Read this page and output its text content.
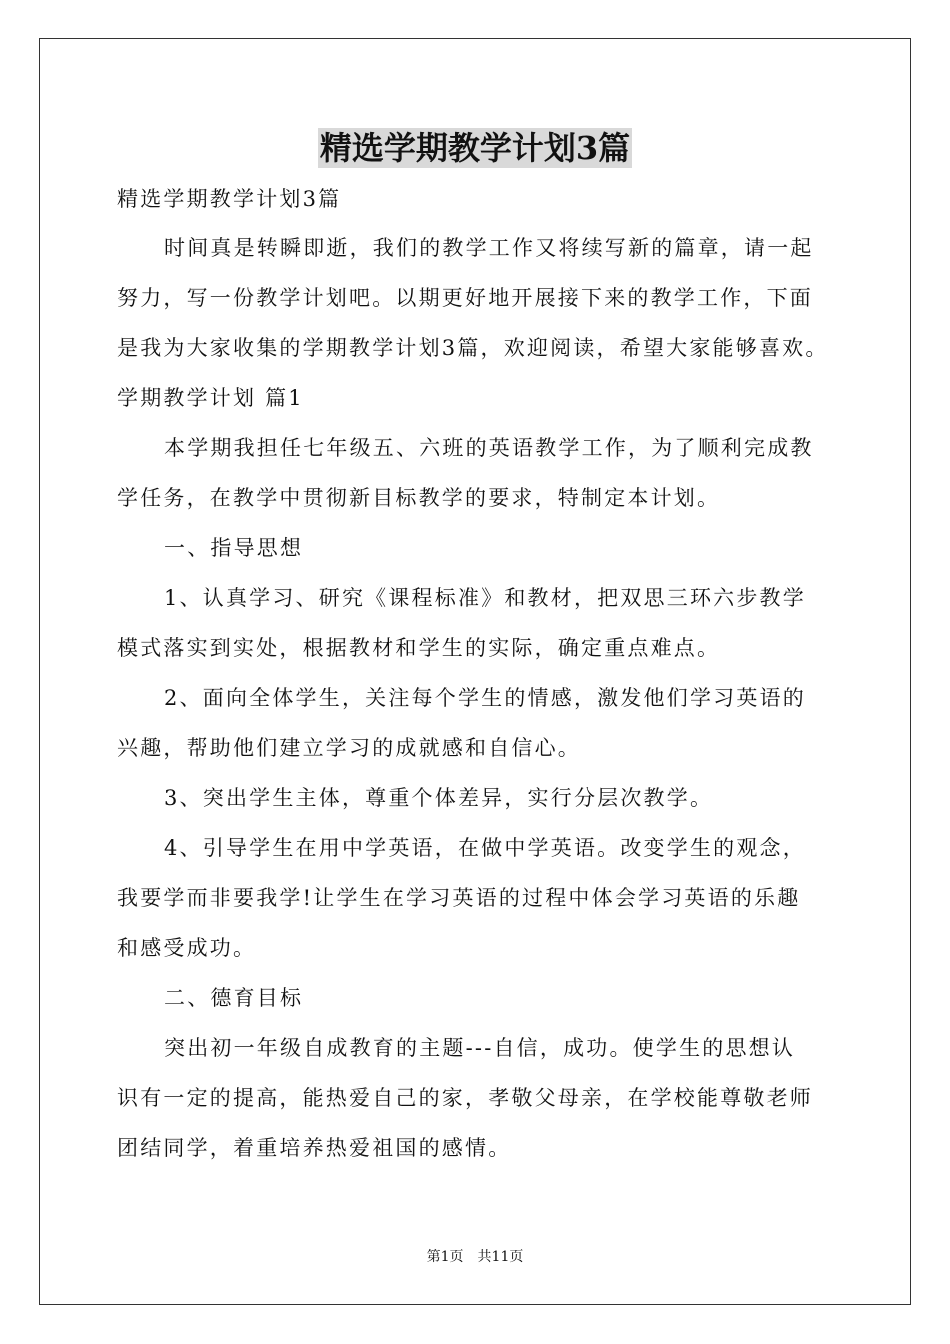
精选学期教学计划3篇
精选学期教学计划3篇
时间真是转瞬即逝，我们的教学工作又将续写新的篇章，请一起
努力，写一份教学计划吧。以期更好地开展接下来的教学工作，下面
是我为大家收集的学期教学计划3篇，欢迎阅读，希望大家能够喜欢。
学期教学计划 篇1
本学期我担任七年级五、六班的英语教学工作，为了顺利完成教
学任务，在教学中贯彻新目标教学的要求，特制定本计划。
一、指导思想
1、认真学习、研究《课程标准》和教材，把双思三环六步教学
模式落实到实处，根据教材和学生的实际，确定重点难点。
2、面向全体学生，关注每个学生的情感，激发他们学习英语的
兴趣，帮助他们建立学习的成就感和自信心。
3、突出学生主体，尊重个体差异，实行分层次教学。
4、引导学生在用中学英语，在做中学英语。改变学生的观念，
我要学而非要我学!让学生在学习英语的过程中体会学习英语的乐趣
和感受成功。
二、德育目标
突出初一年级自成教育的主题---自信，成功。使学生的思想认
识有一定的提高，能热爱自己的家，孝敬父母亲，在学校能尊敬老师
团结同学，着重培养热爱祖国的感情。
第1页　共11页
